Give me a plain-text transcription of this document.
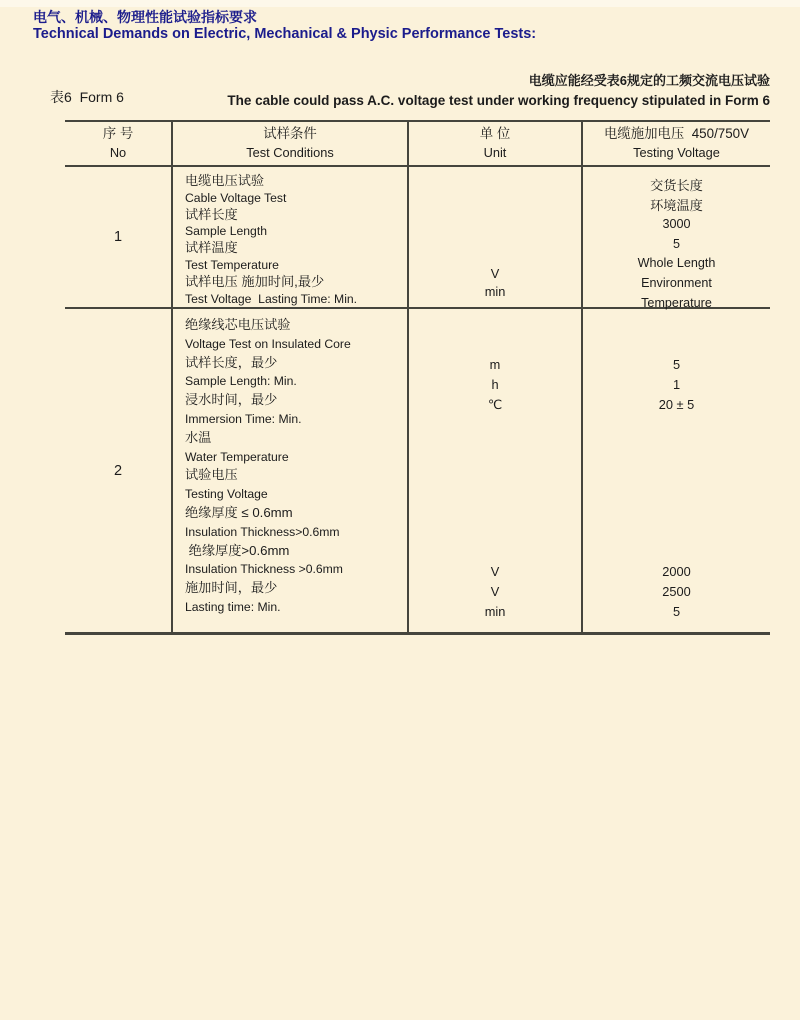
电气、机械、物理性能试验指标要求
Technical Demands on Electric, Mechanical & Physic Performance Tests:
表6  Form 6
电缆应能经受表6规定的工频交流电压试验
The cable could pass A.C. voltage test under working frequency stipulated in Form 6
序 号
No
试样条件
Test Conditions
单 位
Unit
电缆施加电压  450/750V
Testing Voltage
1
电缆电压试验
Cable Voltage Test
试样长度
Sample Length
试样温度
Test Temperature
试样电压 施加时间,最少
Test Voltage  Lasting Time: Min.
V
min
交货长度
环境温度
3000
5
Whole Length
Environment
Temperature
2
绝缘线芯电压试验
Voltage Test on Insulated Core
试样长度，最少
Sample Length: Min.
浸水时间，最少
Immersion Time: Min.
水温
Water Temperature
试验电压
Testing Voltage
绝缘厚度 ≤ 0.6mm
Insulation Thickness>0.6mm
绝缘厚度>0.6mm
Insulation Thickness >0.6mm
施加时间，最少
Lasting time: Min.
m
h
℃
V
V
min
5
1
20 ± 5
2000
2500
5
